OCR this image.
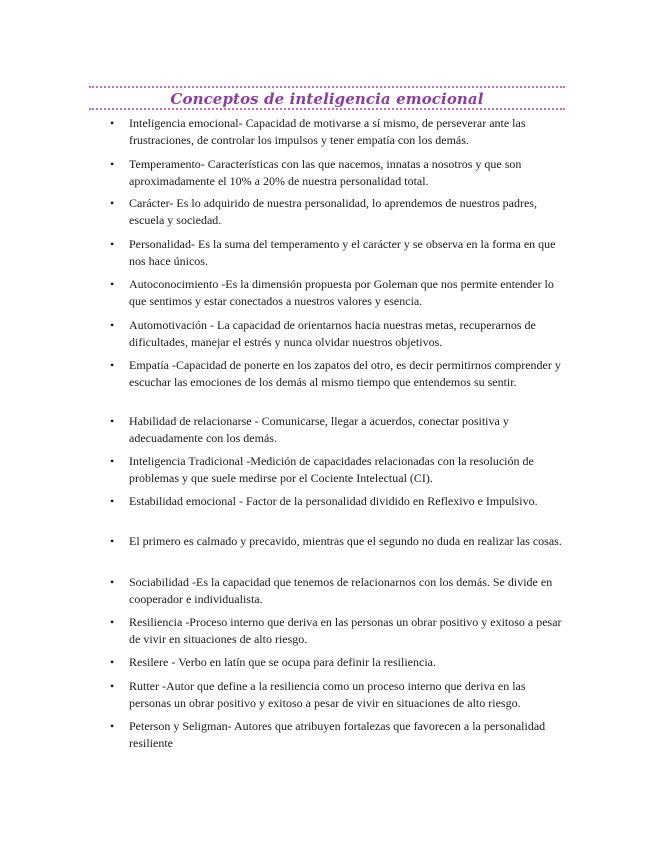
Conceptos de inteligencia emocional
• Inteligencia emocional- Capacidad de motivarse a sí mismo, de perseverar ante las frustraciones, de controlar los impulsos y tener empatía con los demás.
• Temperamento- Características con las que nacemos, innatas a nosotros y que son aproximadamente el 10% a 20% de nuestra personalidad total.
• Carácter- Es lo adquirido de nuestra personalidad, lo aprendemos de nuestros padres, escuela y sociedad.
• Personalidad- Es la suma del temperamento y el carácter y se observa en la forma en que nos hace únicos.
• Autoconocimiento -Es la dimensión propuesta por Goleman que nos permite entender lo que sentimos y estar conectados a nuestros valores y esencia.
• Automotivación - La capacidad de orientarnos hacia nuestras metas, recuperarnos de dificultades, manejar el estrés y nunca olvidar nuestros objetivos.
• Empatía -Capacidad de ponerte en los zapatos del otro, es decir permitirnos comprender y escuchar las emociones de los demás al mismo tiempo que entendemos su sentir.
• Habilidad de relacionarse - Comunicarse, llegar a acuerdos, conectar positiva y adecuadamente con los demás.
• Inteligencia Tradicional -Medición de capacidades relacionadas con la resolución de problemas y que suele medirse por el Cociente Intelectual (CI).
• Estabilidad emocional - Factor de la personalidad dividido en Reflexivo e Impulsivo.
• El primero es calmado y precavido, mientras que el segundo no duda en realizar las cosas.
• Sociabilidad -Es la capacidad que tenemos de relacionarnos con los demás. Se divide en cooperador e individualista.
• Resiliencia -Proceso interno que deriva en las personas un obrar positivo y exitoso a pesar de vivir en situaciones de alto riesgo.
• Resilere - Verbo en latín que se ocupa para definir la resiliencia.
• Rutter -Autor que define a la resiliencia como un proceso interno que deriva en las personas un obrar positivo y exitoso a pesar de vivir en situaciones de alto riesgo.
• Peterson y Seligman- Autores que atribuyen fortalezas que favorecen a la personalidad resiliente
